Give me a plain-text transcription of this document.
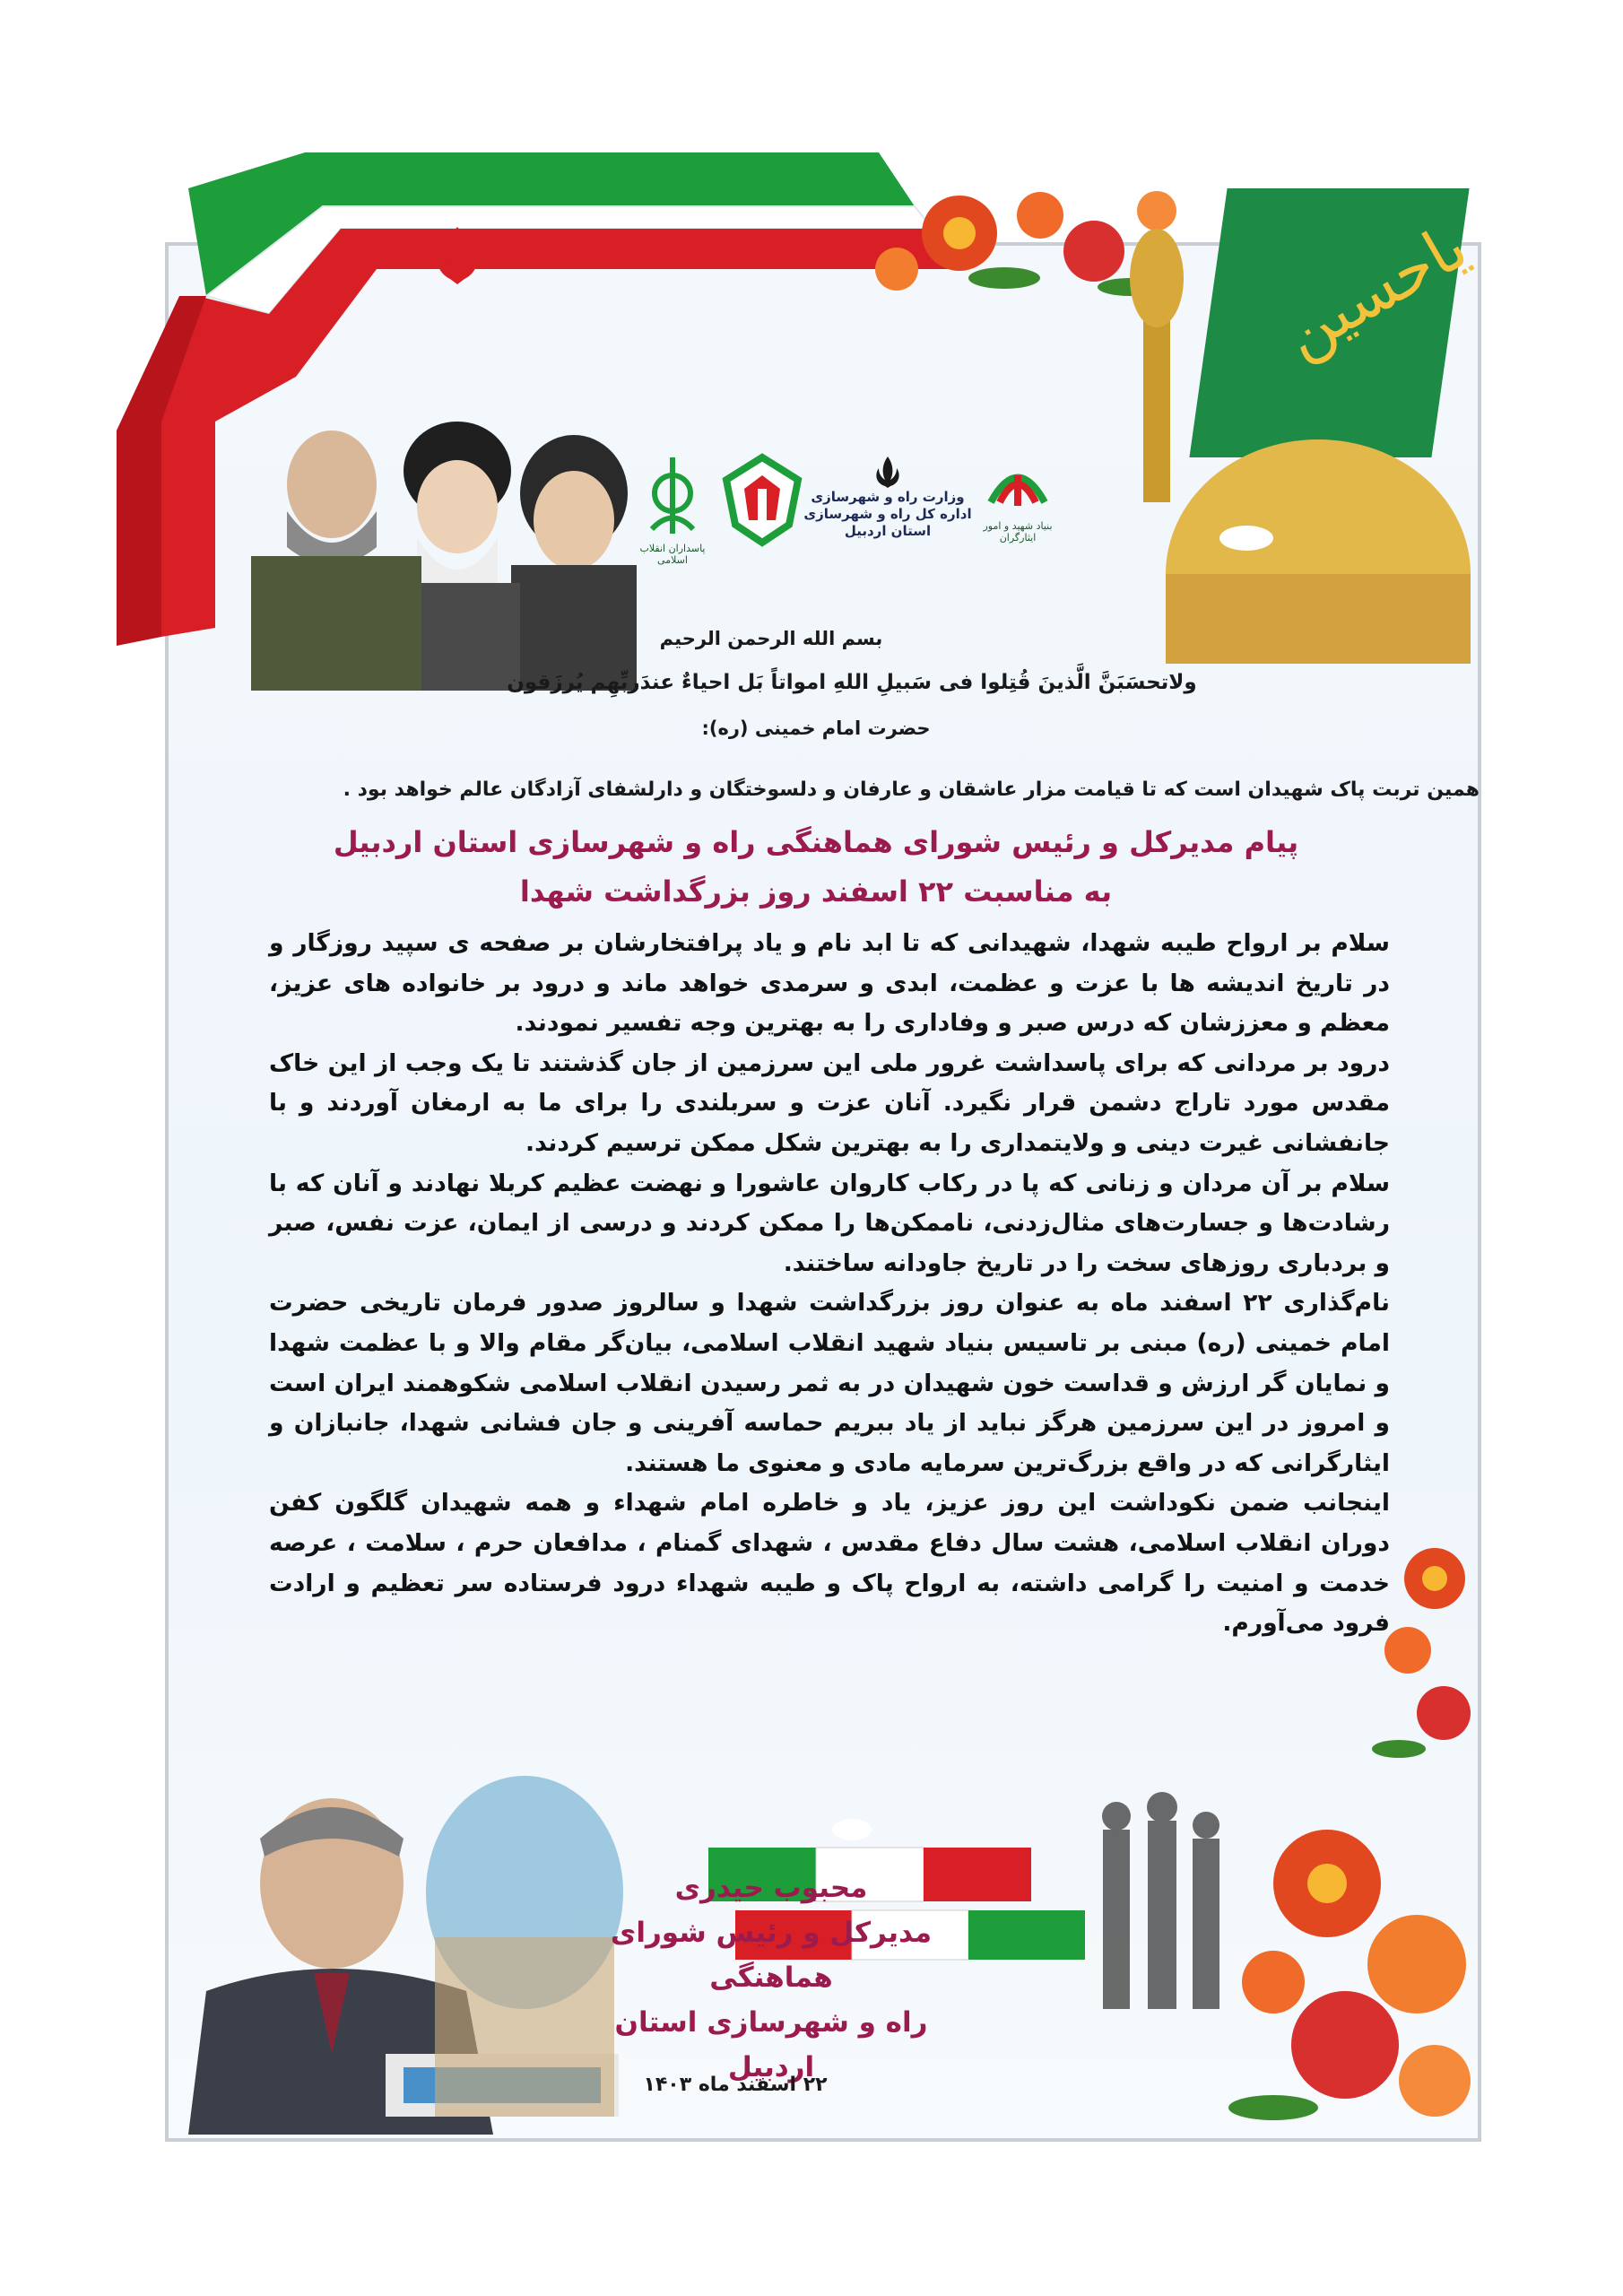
یاحسین
بنیاد شهید و امور ایثارگران
وزارت راه و شهرسازی
اداره کل راه و شهرسازی
استان اردبیل
پاسداران انقلاب اسلامی
بسم الله الرحمن الرحیم
ولاتحسَبَنَّ الَّذینَ قُتِلوا فی سَبیلِ اللهِ امواتاً بَل احیاءٌ عندَربِّهِم یُرزَقون
حضرت امام خمینی (ره):
همین تربت پاک شهیدان است که تا قیامت مزار عاشقان و عارفان و دلسوختگان و دارلشفای آزادگان عالم خواهد بود .
پیام مدیرکل و رئیس شورای هماهنگی راه و شهرسازی استان اردبیل
به مناسبت ۲۲ اسفند روز بزرگداشت شهدا

سلام بر ارواح طیبه شهدا، شهیدانی که تا ابد نام و یاد پرافتخارشان بر صفحه ی سپید روزگار و در تاریخ اندیشه ها با عزت و عظمت، ابدی و سرمدی خواهد ماند و درود بر خانواده های عزیز، معظم و معززشان که درس صبر و وفاداری را به بهترین وجه تفسیر نمودند.

درود بر مردانی که برای پاسداشت غرور ملی این سرزمین از جان گذشتند تا یک وجب از این خاک مقدس مورد تاراج دشمن قرار نگیرد. آنان عزت و سربلندی را برای ما به ارمغان آوردند و با جانفشانی غیرت دینی و ولایتمداری را به بهترین شکل ممکن ترسیم کردند.

سلام بر آن مردان و زنانی که پا در رکاب کاروان عاشورا و نهضت عظیم کربلا نهادند و آنان که با رشادت‌ها و جسارت‌های مثال‌زدنی، ناممکن‌ها را ممکن کردند و درسی از ایمان، عزت نفس، صبر و بردباری روزهای سخت را در تاریخ جاودانه ساختند.

نام‌گذاری ۲۲ اسفند ماه به عنوان روز بزرگداشت شهدا و سالروز صدور فرمان تاریخی حضرت امام خمینی (ره) مبنی بر تاسیس بنیاد شهید انقلاب اسلامی، بیان‌گر مقام والا و با عظمت شهدا و نمایان گر ارزش و قداست خون شهیدان در به ثمر رسیدن انقلاب اسلامی شکوهمند ایران است و امروز در این سرزمین هرگز نباید از یاد ببریم حماسه آفرینی و جان فشانی شهدا، جانبازان و ایثارگرانی که در واقع بزرگ‌ترین سرمایه مادی و معنوی ما هستند.

اینجانب ضمن نکوداشت این روز عزیز، یاد و خاطره امام شهداء و همه شهیدان گلگون کفن دوران انقلاب اسلامی، هشت سال دفاع مقدس ، شهدای گمنام ، مدافعان حرم ، سلامت ، عرصه خدمت و امنیت را گرامی داشته، به ارواح پاک و طیبه شهداء درود فرستاده سر تعظیم و ارادت فرود می‌آورم.

محبوب حیدری
مدیرکل و رئیس شورای هماهنگی
راه و شهرسازی استان اردبیل
۲۲ اسفند ماه ۱۴۰۳
